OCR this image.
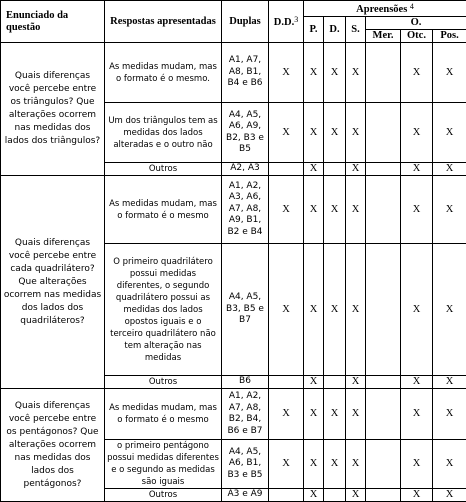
Enunciado da questão	Respostas apresentadas	Duplas	D.D.$^3$	Apreensões $^4$
				P.	D.	S.	O.		
							Mer.	Otc.	Pos.
Quais diferenças você percebe entre os triângulos? Que alterações ocorrem nas medidas dos lados dos triângulos?	As medidas mudam, mas o formato é o mesmo.	A1, A7,
A8, B1,
B4 e B6	X	X	X	X		X	X
	Um dos triângulos tem as medidas dos lados alteradas e o outro não	A4, A5,
A6, A9,
B2, B3 e
B5	X	X	X	X		X	X
	Outros	A2, A3		X		X		X	X
Quais diferenças você percebe entre cada quadrilátero? Que alterações ocorrem nas medidas dos lados dos quadriláteros?	As medidas mudam, mas o formato é o mesmo	A1, A2,
A3, A6,
A7, A8,
A9, B1,
B2 e B4	X	X	X	X		X	X
	O primeiro quadrilátero possui medidas diferentes, o segundo quadrilátero possui as medidas dos lados opostos iguais e o terceiro quadrilátero não tem alteração nas medidas	A4, A5,
B3, B5 e
B7	X	X	X	X		X	X
	Outros	B6		X		X		X	X
Quais diferenças você percebe entre os pentágonos? Que alterações ocorrem nas medidas dos lados dos pentágonos?	As medidas mudam, mas o formato é o mesmo	A1, A2,
A7, A8,
B2, B4,
B6 e B7	X	X	X	X		X	X
	o primeiro pentágono possui medidas diferentes e o segundo as medidas são iguais	A4, A5,
A6, B1,
B3 e B5	X	X	X	X		X	X
	Outros	A3 e A9		X		X		X	X
